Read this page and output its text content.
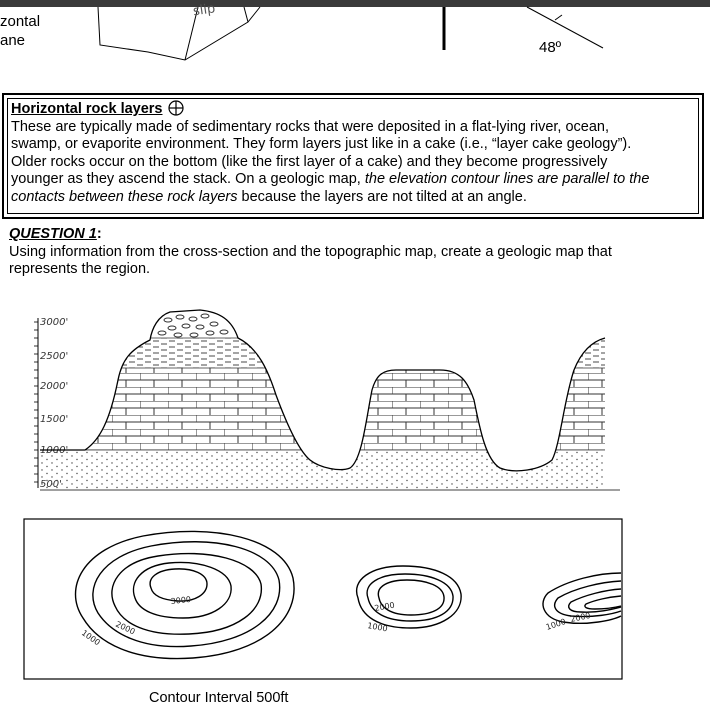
zontal
ane
slip
48º
Horizontal rock layers
These are typically made of sedimentary rocks that were deposited in a flat-lying river, ocean,
swamp, or evaporite environment. They form layers just like in a cake (i.e., “layer cake geology”).
Older rocks occur on the bottom (like the first layer of a cake) and they become progressively
younger as they ascend the stack. On a geologic map, the elevation contour lines are parallel to the
contacts between these rock layers because the layers are not tilted at an angle.
QUESTION 1:
Using information from the cross-section and the topographic map, create a geologic map that
represents the region.
3000'
2500'
2000'
1500'
3000
2000
1000
2000
1000
2000
1000
Contour Interval 500ft
